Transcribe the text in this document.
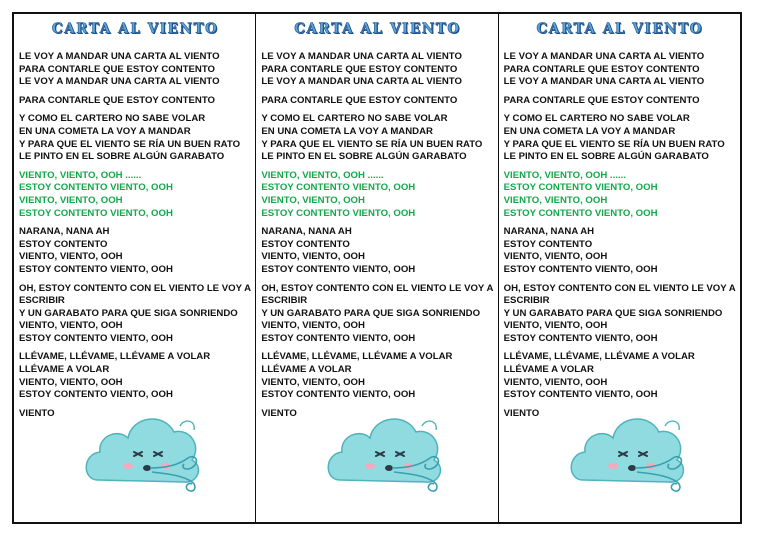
CARTA AL VIENTO
LE VOY A MANDAR UNA CARTA AL VIENTO
PARA CONTARLE QUE ESTOY CONTENTO
LE VOY A MANDAR UNA CARTA AL VIENTO
PARA CONTARLE QUE ESTOY CONTENTO
Y COMO EL CARTERO NO SABE VOLAR
EN UNA COMETA LA VOY A MANDAR
Y PARA QUE EL VIENTO SE RÍA UN BUEN RATO
LE PINTO EN EL SOBRE ALGÚN GARABATO
VIENTO, VIENTO, OOH ......
ESTOY CONTENTO VIENTO, OOH
VIENTO, VIENTO, OOH
ESTOY CONTENTO VIENTO, OOH
NARANA, NANA AH
ESTOY CONTENTO
VIENTO, VIENTO, OOH
ESTOY CONTENTO VIENTO, OOH
OH, ESTOY CONTENTO CON EL VIENTO LE VOY A ESCRIBIR
Y UN GARABATO PARA QUE SIGA SONRIENDO
VIENTO, VIENTO, OOH
ESTOY CONTENTO VIENTO, OOH
LLÉVAME, LLÉVAME, LLÉVAME A VOLAR
LLÉVAME A VOLAR
VIENTO, VIENTO, OOH
ESTOY CONTENTO VIENTO, OOH
VIENTO
CARTA AL VIENTO
LE VOY A MANDAR UNA CARTA AL VIENTO
PARA CONTARLE QUE ESTOY CONTENTO
LE VOY A MANDAR UNA CARTA AL VIENTO
PARA CONTARLE QUE ESTOY CONTENTO
Y COMO EL CARTERO NO SABE VOLAR
EN UNA COMETA LA VOY A MANDAR
Y PARA QUE EL VIENTO SE RÍA UN BUEN RATO
LE PINTO EN EL SOBRE ALGÚN GARABATO
VIENTO, VIENTO, OOH ......
ESTOY CONTENTO VIENTO, OOH
VIENTO, VIENTO, OOH
ESTOY CONTENTO VIENTO, OOH
NARANA, NANA AH
ESTOY CONTENTO
VIENTO, VIENTO, OOH
ESTOY CONTENTO VIENTO, OOH
OH, ESTOY CONTENTO CON EL VIENTO LE VOY A ESCRIBIR
Y UN GARABATO PARA QUE SIGA SONRIENDO
VIENTO, VIENTO, OOH
ESTOY CONTENTO VIENTO, OOH
LLÉVAME, LLÉVAME, LLÉVAME A VOLAR
LLÉVAME A VOLAR
VIENTO, VIENTO, OOH
ESTOY CONTENTO VIENTO, OOH
VIENTO
CARTA AL VIENTO
LE VOY A MANDAR UNA CARTA AL VIENTO
PARA CONTARLE QUE ESTOY CONTENTO
LE VOY A MANDAR UNA CARTA AL VIENTO
PARA CONTARLE QUE ESTOY CONTENTO
Y COMO EL CARTERO NO SABE VOLAR
EN UNA COMETA LA VOY A MANDAR
Y PARA QUE EL VIENTO SE RÍA UN BUEN RATO
LE PINTO EN EL SOBRE ALGÚN GARABATO
VIENTO, VIENTO, OOH ......
ESTOY CONTENTO VIENTO, OOH
VIENTO, VIENTO, OOH
ESTOY CONTENTO VIENTO, OOH
NARANA, NANA AH
ESTOY CONTENTO
VIENTO, VIENTO, OOH
ESTOY CONTENTO VIENTO, OOH
OH, ESTOY CONTENTO CON EL VIENTO LE VOY A ESCRIBIR
Y UN GARABATO PARA QUE SIGA SONRIENDO
VIENTO, VIENTO, OOH
ESTOY CONTENTO VIENTO, OOH
LLÉVAME, LLÉVAME, LLÉVAME A VOLAR
LLÉVAME A VOLAR
VIENTO, VIENTO, OOH
ESTOY CONTENTO VIENTO, OOH
VIENTO
